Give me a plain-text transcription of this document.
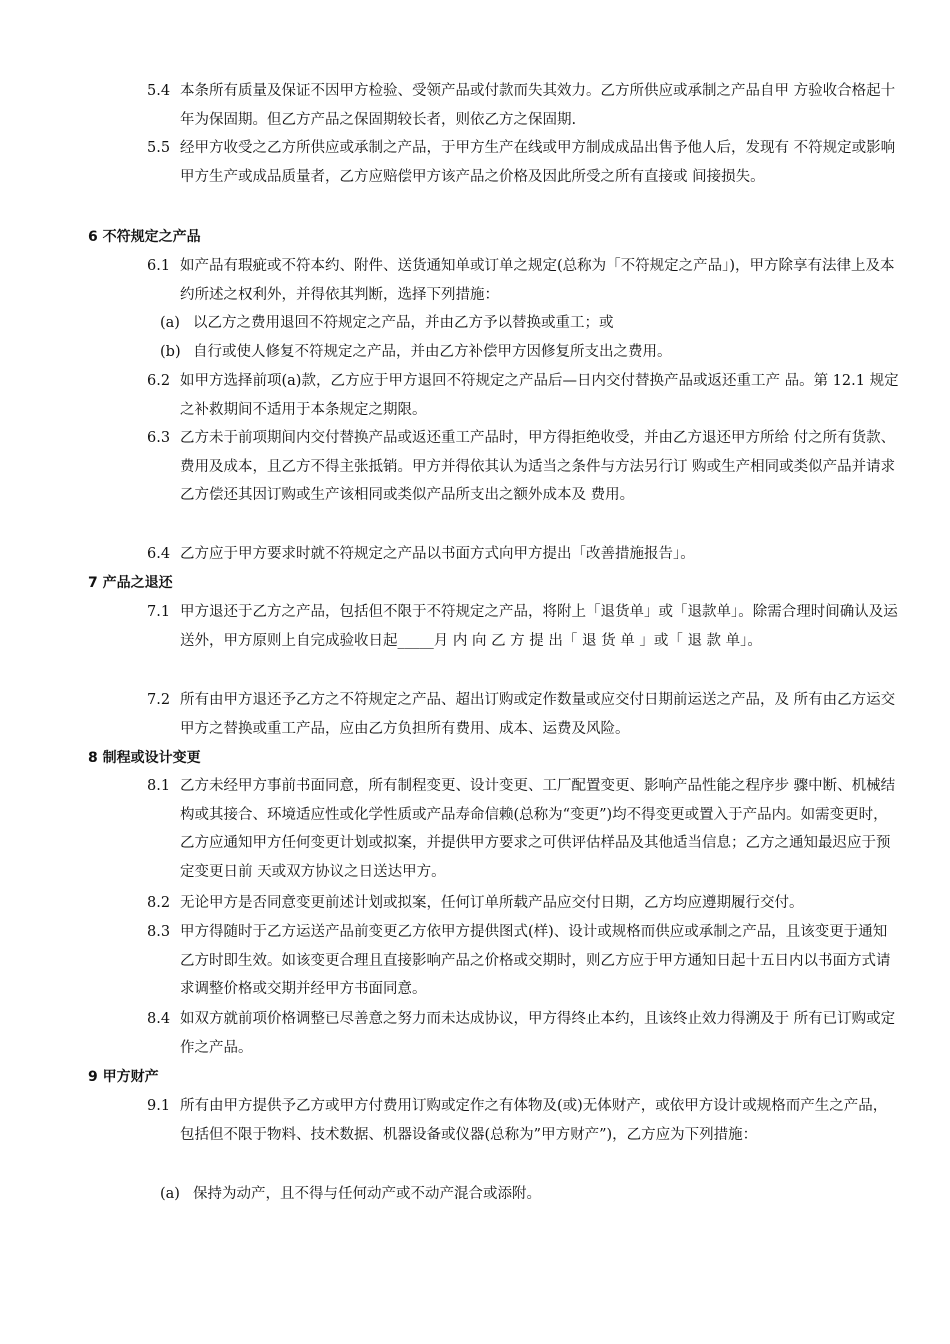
5.4 本条所有质量及保证不因甲方检验、受领产品或付款而失其效力。乙方所供应或承制之产品自甲 方验收合格起十年为保固期。但乙方产品之保固期较长者，则依乙方之保固期.
5.5 经甲方收受之乙方所供应或承制之产品，于甲方生产在线或甲方制成成品出售予他人后，发现有 不符规定或影响甲方生产或成品质量者，乙方应赔偿甲方该产品之价格及因此所受之所有直接或 间接损失。
6 不符规定之产品
6.1 如产品有瑕疵或不符本约、附件、送货通知单或订单之规定(总称为「不符规定之产品」)，甲方除享有法律上及本约所述之权利外，并得依其判断，选择下列措施：
(a) 以乙方之费用退回不符规定之产品，并由乙方予以替换或重工；或
(b) 自行或使人修复不符规定之产品，并由乙方补偿甲方因修复所支出之费用。
6.2 如甲方选择前项(a)款，乙方应于甲方退回不符规定之产品后—日内交付替换产品或返还重工产 品。第 12.1 规定之补救期间不适用于本条规定之期限。
6.3 乙方未于前项期间内交付替换产品或返还重工产品时，甲方得拒绝收受，并由乙方退还甲方所给 付之所有货款、费用及成本，且乙方不得主张抵销。甲方并得依其认为适当之条件与方法另行订 购或生产相同或类似产品并请求乙方偿还其因订购或生产该相同或类似产品所支出之额外成本及 费用。
6.4 乙方应于甲方要求时就不符规定之产品以书面方式向甲方提出「改善措施报告」。
7 产品之退还
7.1 甲方退还于乙方之产品，包括但不限于不符规定之产品，将附上「退货单」或「退款单」。除需合理时间确认及运送外，甲方原则上自完成验收日起_____月 内 向 乙 方 提 出「 退 货 单 」或「 退 款 单」。
7.2 所有由甲方退还予乙方之不符规定之产品、超出订购或定作数量或应交付日期前运送之产品，及 所有由乙方运交甲方之替换或重工产品，应由乙方负担所有费用、成本、运费及风险。
8 制程或设计变更
8.1 乙方未经甲方事前书面同意，所有制程变更、设计变更、工厂配置变更、影响产品性能之程序步 骤中断、机械结构或其接合、环境适应性或化学性质或产品寿命信赖(总称为“变更”)均不得变更或置入于产品内。如需变更时，乙方应通知甲方任何变更计划或拟案，并提供甲方要求之可供评估样品及其他适当信息；乙方之通知最迟应于预定变更日前 天或双方协议之日送达甲方。
8.2 无论甲方是否同意变更前述计划或拟案，任何订单所载产品应交付日期，乙方均应遵期履行交付。
8.3 甲方得随时于乙方运送产品前变更乙方依甲方提供图式(样)、设计或规格而供应或承制之产品，且该变更于通知乙方时即生效。如该变更合理且直接影响产品之价格或交期时，则乙方应于甲方通知日起十五日内以书面方式请求调整价格或交期并经甲方书面同意。
8.4 如双方就前项价格调整已尽善意之努力而未达成协议，甲方得终止本约，且该终止效力得溯及于 所有已订购或定作之产品。
9 甲方财产
9.1 所有由甲方提供予乙方或甲方付费用订购或定作之有体物及(或)无体财产，或依甲方设计或规格而产生之产品，包括但不限于物料、技术数据、机器设备或仪器(总称为”甲方财产”)，乙方应为下列措施：
(a) 保持为动产，且不得与任何动产或不动产混合或添附。
